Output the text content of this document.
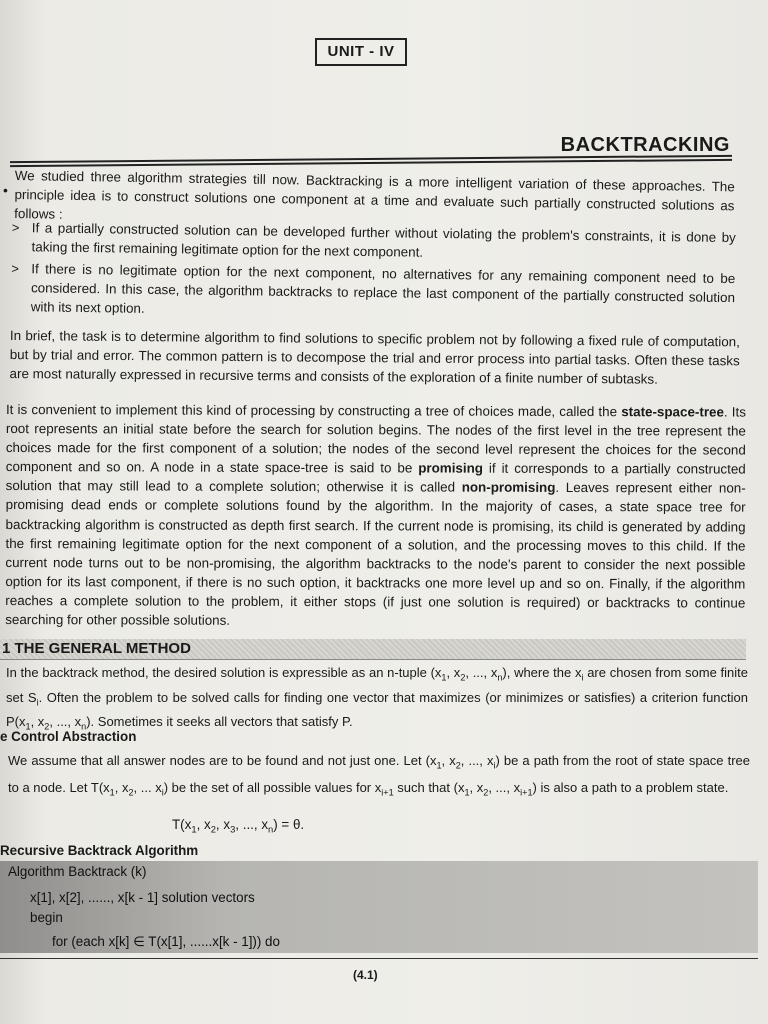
UNIT - IV
BACKTRACKING
• We studied three algorithm strategies till now. Backtracking is a more intelligent variation of these approaches. The principle idea is to construct solutions one component at a time and evaluate such partially constructed solutions as follows :
> If a partially constructed solution can be developed further without violating the problem's constraints, it is done by taking the first remaining legitimate option for the next component.
> If there is no legitimate option for the next component, no alternatives for any remaining component need to be considered. In this case, the algorithm backtracks to replace the last component of the partially constructed solution with its next option.
In brief, the task is to determine algorithm to find solutions to specific problem not by following a fixed rule of computation, but by trial and error. The common pattern is to decompose the trial and error process into partial tasks. Often these tasks are most naturally expressed in recursive terms and consists of the exploration of a finite number of subtasks.
It is convenient to implement this kind of processing by constructing a tree of choices made, called the state-space-tree. Its root represents an initial state before the search for solution begins. The nodes of the first level in the tree represent the choices made for the first component of a solution; the nodes of the second level represent the choices for the second component and so on. A node in a state space-tree is said to be promising if it corresponds to a partially constructed solution that may still lead to a complete solution; otherwise it is called non-promising. Leaves represent either non-promising dead ends or complete solutions found by the algorithm. In the majority of cases, a state space tree for backtracking algorithm is constructed as depth first search. If the current node is promising, its child is generated by adding the first remaining legitimate option for the next component of a solution, and the processing moves to this child. If the current node turns out to be non-promising, the algorithm backtracks to the node's parent to consider the next possible option for its last component, if there is no such option, it backtracks one more level up and so on. Finally, if the algorithm reaches a complete solution to the problem, it either stops (if just one solution is required) or backtracks to continue searching for other possible solutions.
1 THE GENERAL METHOD
In the backtrack method, the desired solution is expressible as an n-tuple ($x_1$, $x_2$, ..., $x_n$), where the $x_i$ are chosen from some finite set $S_i$. Often the problem to be solved calls for finding one vector that maximizes (or minimizes or satisfies) a criterion function $P(x_1$, $x_2$, ..., $x_n$). Sometimes it seeks all vectors that satisfy P.
e Control Abstraction
We assume that all answer nodes are to be found and not just one. Let ($x_1$, $x_2$, ..., $x_i$) be a path from the root of state space tree to a node. Let $T(x_1$, $x_2$, ... $x_i$) be the set of all possible values for $x_{i+1}$ such that ($x_1$, $x_2$, ..., $x_{i+1}$) is also a path to a problem state.
$T(x_1$, $x_2$, $x_3$, ..., $x_n) = \theta$.
Recursive Backtrack Algorithm
Algorithm Backtrack (k)
x[1], x[2], ......, x[k - 1] solution vectors
begin
for (each x[k] ∈ T(x[1], ......x[k - 1])) do
(4.1)
